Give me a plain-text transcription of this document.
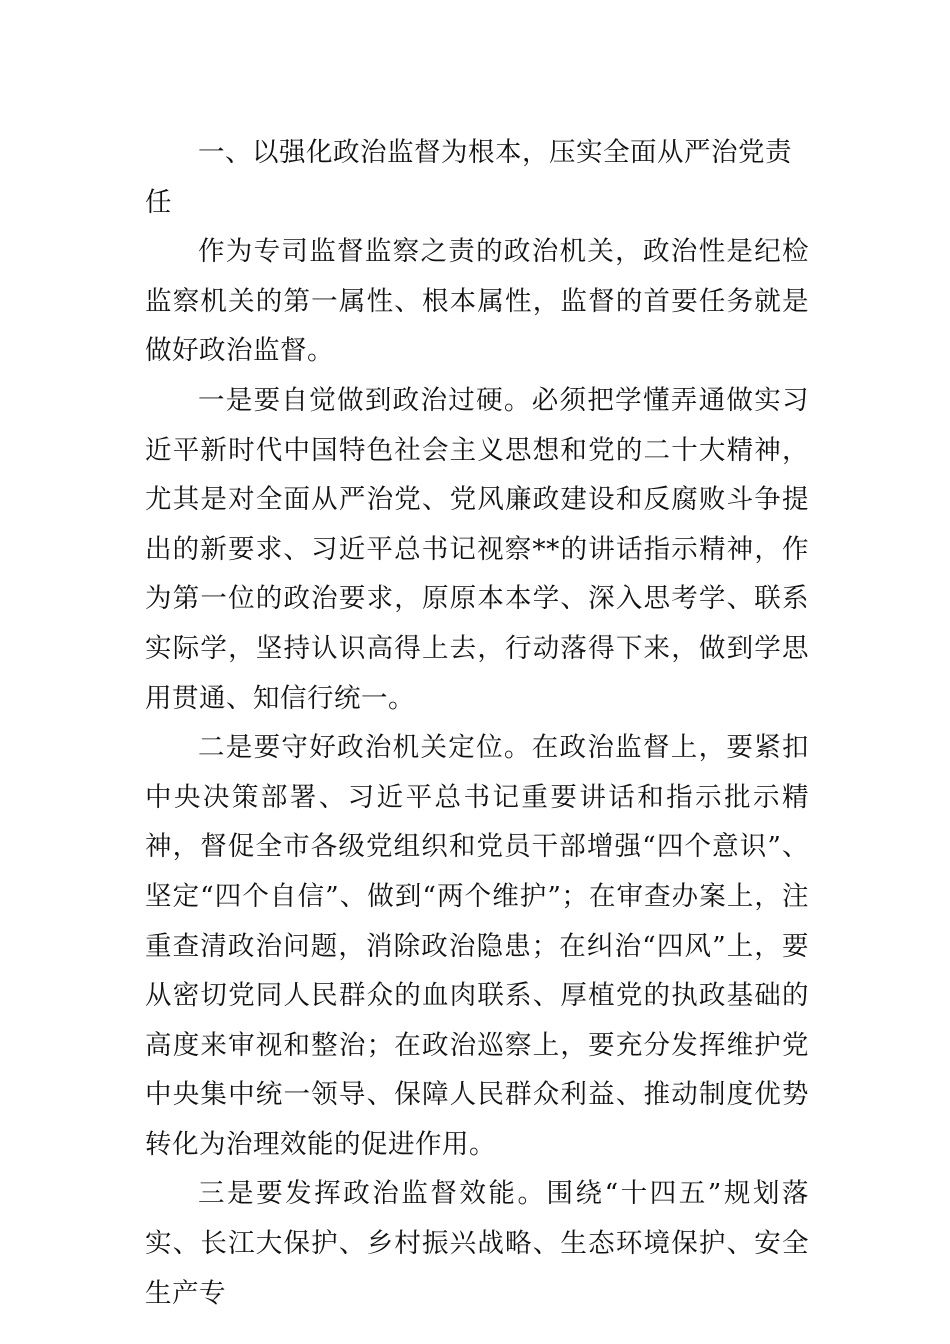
一、以强化政治监督为根本，压实全面从严治党责任

作为专司监督监察之责的政治机关，政治性是纪检监察机关的第一属性、根本属性，监督的首要任务就是做好政治监督。

一是要自觉做到政治过硬。必须把学懂弄通做实习近平新时代中国特色社会主义思想和党的二十大精神，尤其是对全面从严治党、党风廉政建设和反腐败斗争提出的新要求、习近平总书记视察**的讲话指示精神，作为第一位的政治要求，原原本本学、深入思考学、联系实际学，坚持认识高得上去，行动落得下来，做到学思用贯通、知信行统一。

二是要守好政治机关定位。在政治监督上，要紧扣中央决策部署、习近平总书记重要讲话和指示批示精神，督促全市各级党组织和党员干部增强“四个意识”、坚定“四个自信”、做到“两个维护”；在审查办案上，注重查清政治问题，消除政治隐患；在纠治“四风”上，要从密切党同人民群众的血肉联系、厚植党的执政基础的高度来审视和整治；在政治巡察上，要充分发挥维护党中央集中统一领导、保障人民群众利益、推动制度优势转化为治理效能的促进作用。

三是要发挥政治监督效能。围绕“十四五”规划落实、长江大保护、乡村振兴战略、生态环境保护、安全生产专
